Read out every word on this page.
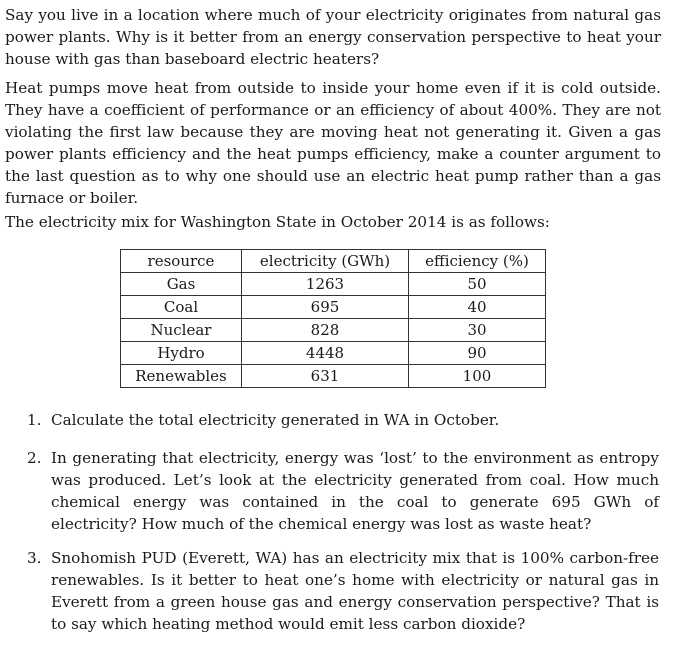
Say you live in a location where much of your electricity originates from natural gas power plants. Why is it better from an energy conservation perspective to heat your house with gas than baseboard electric heaters?

Heat pumps move heat from outside to inside your home even if it is cold outside. They have a coefficient of performance or an efficiency of about 400%. They are not violating the first law because they are moving heat not generating it. Given a gas power plants efficiency and the heat pumps efficiency, make a counter argument to the last question as to why one should use an electric heat pump rather than a gas furnace or boiler.

The electricity mix for Washington State in October 2014 is as follows:

resource	electricity (GWh)	efficiency (%)
Gas	1263	50
Coal	695	40
Nuclear	828	30
Hydro	4448	90
Renewables	631	100
1. Calculate the total electricity generated in WA in October.
2. In generating that electricity, energy was ‘lost’ to the environment as entropy was produced. Let’s look at the electricity generated from coal. How much chemical energy was contained in the coal to generate 695 GWh of electricity? How much of the chemical energy was lost as waste heat?
3. Snohomish PUD (Everett, WA) has an electricity mix that is 100% carbon-free renewables. Is it better to heat one’s home with electricity or natural gas in Everett from a green house gas and energy conservation perspective? That is to say which heating method would emit less carbon dioxide?
